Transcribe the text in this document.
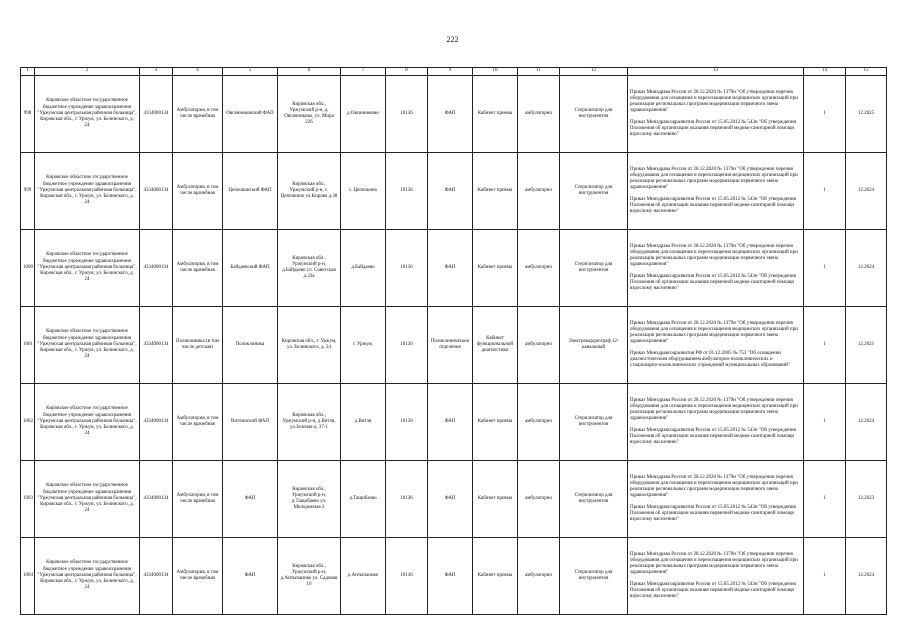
222
1	2	3	4	5	6	7	8	9	10	11	12	13	14	15
998	Кировское областное государственное бюджетное учреждение здравоохранения "Уржумская центральная районная больница", Кировская обл., г. Уржум, ул. Белинского, д. 24	4334000134	Амбулатория, в том числе врачебная	Овсянниковский ФАП	Кировская обл., Уржумский р-н, д. Овсянниково, ул. Мира 22б	д.Овсянниково	10136	ФАП	Кабинет приема	амбулаторно	Стерилизатор для инструментов	Приказ Минздрава России от 28.12.2020 № 1379н "Об утверждении перечня оборудования для оснащения и переоснащения медицинских организаций при реализации региональных программ модернизации первичного звена здравоохранения"

Приказ Минздравсоцразвития России от 15.05.2012 № 543н "Об утверждении Положения об организации оказания первичной медико-санитарной помощи взрослому населению"	1	12.2025
999	Кировское областное государственное бюджетное учреждение здравоохранения "Уржумская центральная районная больница", Кировская обл., г. Уржум, ул. Белинского, д. 24	4334000134	Амбулатория, в том числе врачебная	Цепочкинский ФАП	Кировская обл., Уржумский р-н, с. Цепочкино ул.Кирова д.38	с. Цепочкино	10136	ФАП	Кабинет приема	амбулаторно	Стерилизатор для инструментов	Приказ Минздрава России от 28.12.2020 № 1379н "Об утверждении перечня оборудования для оснащения и переоснащения медицинских организаций при реализации региональных программ модернизации первичного звена здравоохранения"

Приказ Минздравсоцразвития России от 15.05.2012 № 543н "Об утверждении Положения об организации оказания первичной медико-санитарной помощи взрослому населению"	1	12.2024
1000	Кировское областное государственное бюджетное учреждение здравоохранения "Уржумская центральная районная больница", Кировская обл., г. Уржум, ул. Белинского, д. 24	4334000134	Амбулатория, в том числе врачебная	Байдаевский ФАП	Кировская обл., Уржумский р-н, д.Байдаево ул. Советская д.33а	д.Байдаево	10136	ФАП	Кабинет приема	амбулаторно	Стерилизатор для инструментов	Приказ Минздрава России от 28.12.2020 № 1379н "Об утверждении перечня оборудования для оснащения и переоснащения медицинских организаций при реализации региональных программ модернизации первичного звена здравоохранения"

Приказ Минздравсоцразвития России от 15.05.2012 № 543н "Об утверждении Положения об организации оказания первичной медико-санитарной помощи взрослому населению"	1	12.2024
1001	Кировское областное государственное бюджетное учреждение здравоохранения "Уржумская центральная районная больница", Кировская обл., г. Уржум, ул. Белинского, д. 24	4334000134	Поликлиника (в том числе детская)	Поликлиника	Кировская обл., г. Уржум, ул. Белинского, д. 24	г. Уржум,	10136	Поликлиническое отделение	Кабинет функциональной диагностики	амбулаторно	Электрокардиограф 12-канальный	Приказ Минздрава России от 28.12.2020 № 1379н "Об утверждении перечня оборудования для оснащения и переоснащения медицинских организаций при реализации региональных программ модернизации первичного звена здравоохранения"

Приказ Минздравсоцразвития РФ от 01.12.2005 № 753 "Об оснащении диагностическим оборудованием амбулаторно-поликлинических и стационарно-поликлинических учреждений муниципальных образований"	1	12.2021
1002	Кировское областное государственное бюджетное учреждение здравоохранения "Уржумская центральная районная больница", Кировская обл., г. Уржум, ул. Белинского, д. 24	4334000134	Амбулатория, в том числе врачебная	Витлинский ФАП	Кировская обл., Уржумский р-н, д.Витля, ул.Зеленая д. 37-1	д.Витля	10136	ФАП	Кабинет приема	амбулаторно	Стерилизатор для инструментов	Приказ Минздрава России от 28.12.2020 № 1379н "Об утверждении перечня оборудования для оснащения и переоснащения медицинских организаций при реализации региональных программ модернизации первичного звена здравоохранения"

Приказ Минздравсоцразвития России от 15.05.2012 № 543н "Об утверждении Положения об организации оказания первичной медико-санитарной помощи взрослому населению"	1	12.2024
1003	Кировское областное государственное бюджетное учреждение здравоохранения "Уржумская центральная районная больница", Кировская обл., г. Уржум, ул. Белинского, д. 24	4334000134	Амбулатория, в том числе врачебная	ФАП	Кировская обл., Уржумский р-н, д.Тащибаево ул. Молодежная 2	д.Тащибаево	10136	ФАП	Кабинет приема	амбулаторно	Стерилизатор для инструментов	Приказ Минздрава России от 28.12.2020 № 1379н "Об утверждении перечня оборудования для оснащения и переоснащения медицинских организаций при реализации региональных программ модернизации первичного звена здравоохранения"

Приказ Минздравсоцразвития России от 15.05.2012 № 543н "Об утверждении Положения об организации оказания первичной медико-санитарной помощи взрослому населению"	1	12.2023
1004	Кировское областное государственное бюджетное учреждение здравоохранения "Уржумская центральная районная больница", Кировская обл., г. Уржум, ул. Белинского, д. 24	4334000134	Амбулатория, в том числе врачебная	ФАП	Кировская обл., Уржумский р-н, д.Антыпаново ул. Садовая 10	д.Антыпаново	10136	ФАП	Кабинет приема	амбулаторно	Стерилизатор для инструментов	Приказ Минздрава России от 28.12.2020 № 1379н "Об утверждении перечня оборудования для оснащения и переоснащения медицинских организаций при реализации региональных программ модернизации первичного звена здравоохранения"

Приказ Минздравсоцразвития России от 15.05.2012 № 543н "Об утверждении Положения об организации оказания первичной медико-санитарной помощи взрослому населению"	1	12.2024
